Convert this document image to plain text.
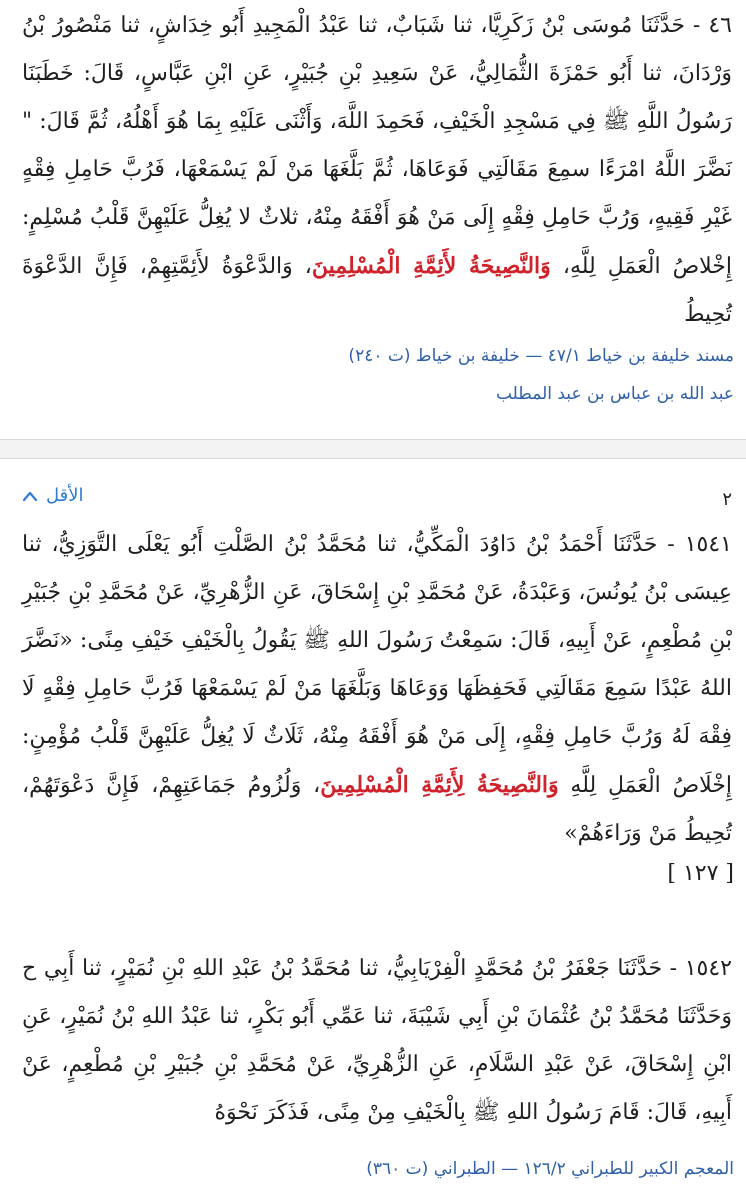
٤٦ - حَدَّثَنَا مُوسَى بْنُ زَكَرِيَّا، ثنا شَبَابٌ، ثنا عَبْدُ الْمَجِيدِ أَبُو خِدَاشٍ، ثنا مَنْصُورُ بْنُ وَرْدَانَ، ثنا أَبُو حَمْزَةَ الثُّمَالِيُّ، عَنْ سَعِيدِ بْنِ جُبَيْرٍ، عَنِ ابْنِ عَبَّاسٍ، قَالَ: خَطَبَنَا رَسُولُ اللَّهِ ﷺ فِي مَسْجِدِ الْخَيْفِ، فَحَمِدَ اللَّهَ، وَأَثْنَى عَلَيْهِ بِمَا هُوَ أَهْلُهُ، ثُمَّ قَالَ: " نَضَّرَ اللَّهُ امْرَءًا سمِعَ مَقَالَتِي فَوَعَاهَا، ثُمَّ بَلَّغَهَا مَنْ لَمْ يَسْمَعْهَا، فَرُبَّ حَامِلِ فِقْهٍ غَيْرِ فَقِيهٍ، وَرُبَّ حَامِلِ فِقْهٍ إِلَى مَنْ هُوَ أَفْقَهُ مِنْهُ، ثلاثٌ لا يُغِلُّ عَلَيْهِنَّ قَلْبُ مُسْلِمٍ: إِخْلاصُ الْعَمَلِ لِلَّهِ، وَالنَّصِيحَةُ لأَئِمَّةِ الْمُسْلِمِينَ، وَالدَّعْوَةُ لأَئِمَّتِهِمْ، فَإِنَّ الدَّعْوَةَ تُحِيطُ
مسند خليفة بن خياط ٤٧/١ — خليفة بن خياط (ت ٢٤٠)
عبد الله بن عباس بن عبد المطلب
٢
الأقل
١٥٤١ - حَدَّثَنَا أَحْمَدُ بْنُ دَاوُدَ الْمَكِّيُّ، ثنا مُحَمَّدُ بْنُ الصَّلْتِ أَبُو يَعْلَى التَّوَزِيُّ، ثنا عِيسَى بْنُ يُونُسَ، وَعَبْدَةُ، عَنْ مُحَمَّدِ بْنِ إِسْحَاقَ، عَنِ الزُّهْرِيِّ، عَنْ مُحَمَّدِ بْنِ جُبَيْرِ بْنِ مُطْعِمٍ، عَنْ أَبِيهِ، قَالَ: سَمِعْتُ رَسُولَ اللهِ ﷺ يَقُولُ بِالْخَيْفِ خَيْفِ مِنًى: «نَضَّرَ اللهُ عَبْدًا سَمِعَ مَقَالَتِي فَحَفِظَهَا وَوَعَاهَا وَبَلَّغَهَا مَنْ لَمْ يَسْمَعْهَا فَرُبَّ حَامِلِ فِقْهٍ لَا فِقْهَ لَهُ وَرُبَّ حَامِلِ فِقْهٍ، إِلَى مَنْ هُوَ أَفْقَهُ مِنْهُ، ثَلَاثٌ لَا يُغِلُّ عَلَيْهِنَّ قَلْبُ مُؤْمِنٍ: إِخْلَاصُ الْعَمَلِ لِلَّهِ وَالنَّصِيحَةُ لِأَئِمَّةِ الْمُسْلِمِينَ، وَلُزُومُ جَمَاعَتِهِمْ، فَإِنَّ دَعْوَتَهُمْ، تُحِيطُ مَنْ وَرَاءَهُمْ»
[ ١٢٧ ]
١٥٤٢ - حَدَّثَنَا جَعْفَرُ بْنُ مُحَمَّدٍ الْفِرْيَابِيُّ، ثنا مُحَمَّدُ بْنُ عَبْدِ اللهِ بْنِ نُمَيْرٍ، ثنا أَبِي ح وَحَدَّثَنَا مُحَمَّدُ بْنُ عُثْمَانَ بْنِ أَبِي شَيْبَةَ، ثنا عَمِّي أَبُو بَكْرٍ، ثنا عَبْدُ اللهِ بْنُ نُمَيْرٍ، عَنِ ابْنِ إِسْحَاقَ، عَنْ عَبْدِ السَّلَامِ، عَنِ الزُّهْرِيِّ، عَنْ مُحَمَّدِ بْنِ جُبَيْرِ بْنِ مُطْعِمٍ، عَنْ أَبِيهِ، قَالَ: قَامَ رَسُولُ اللهِ ﷺ بِالْخَيْفِ مِنْ مِنًى، فَذَكَرَ نَحْوَهُ
المعجم الكبير للطبراني ١٢٦/٢ — الطبراني (ت ٣٦٠)
